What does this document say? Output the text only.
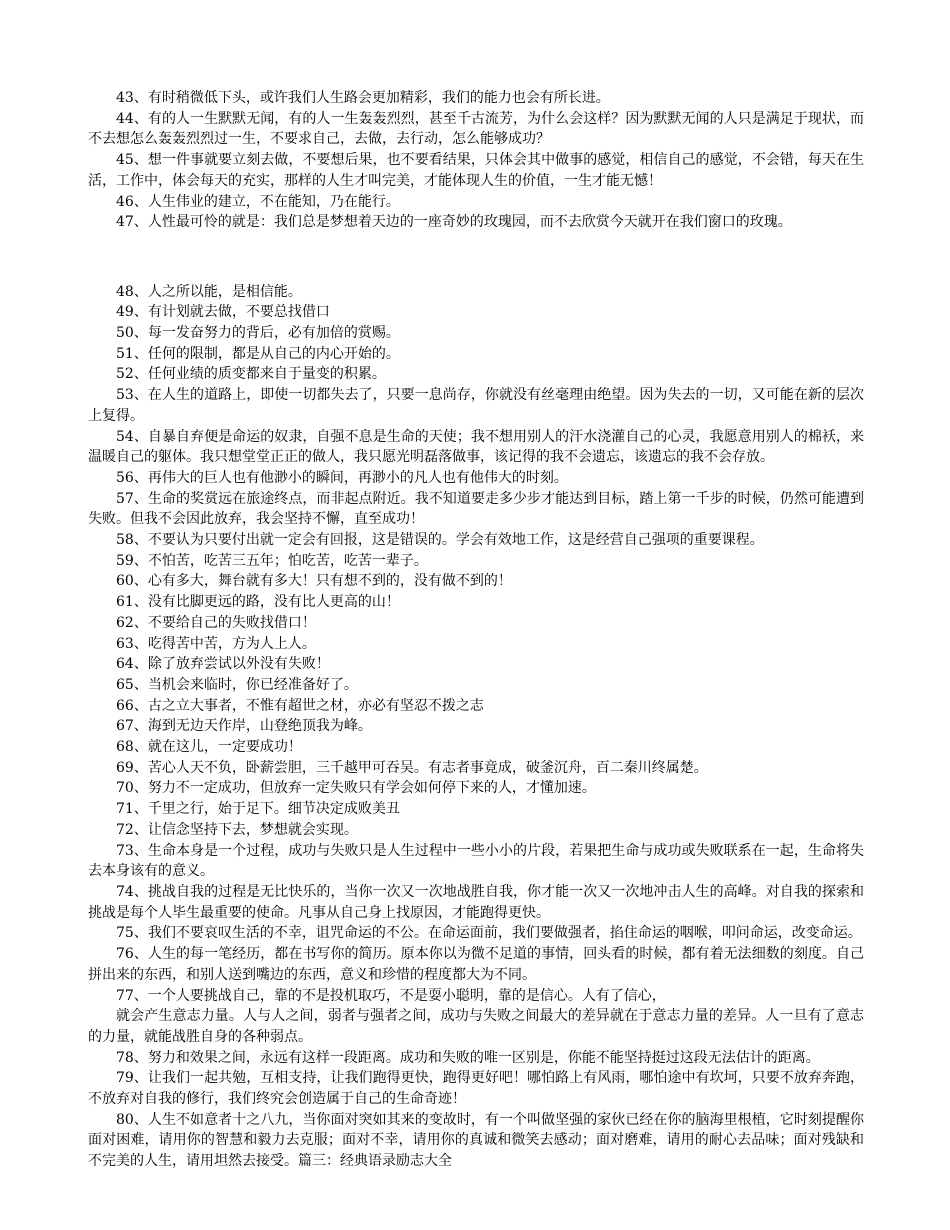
43、有时稍微低下头，或许我们人生路会更加精彩，我们的能力也会有所长进。

44、有的人一生默默无闻，有的人一生轰轰烈烈，甚至千古流芳，为什么会这样？因为默默无闻的人只是满足于现状，而不去想怎么轰轰烈烈过一生，不要求自己，去做，去行动，怎么能够成功？

45、想一件事就要立刻去做，不要想后果，也不要看结果，只体会其中做事的感觉，相信自己的感觉，不会错，每天在生活，工作中，体会每天的充实，那样的人生才叫完美，才能体现人生的价值，一生才能无憾！

46、人生伟业的建立，不在能知，乃在能行。

47、人性最可怜的就是：我们总是梦想着天边的一座奇妙的玫瑰园，而不去欣赏今天就开在我们窗口的玫瑰。

48、人之所以能，是相信能。

49、有计划就去做，不要总找借口

50、每一发奋努力的背后，必有加倍的赏赐。

51、任何的限制，都是从自己的内心开始的。

52、任何业绩的质变都来自于量变的积累。

53、在人生的道路上，即使一切都失去了，只要一息尚存，你就没有丝毫理由绝望。因为失去的一切，又可能在新的层次上复得。

54、自暴自弃便是命运的奴隶，自强不息是生命的天使；我不想用别人的汗水浇灌自己的心灵，我愿意用别人的棉袄，来温暖自己的躯体。我只想堂堂正正的做人，我只愿光明磊落做事，该记得的我不会遗忘，该遗忘的我不会存放。

56、再伟大的巨人也有他渺小的瞬间，再渺小的凡人也有他伟大的时刻。

57、生命的奖赏远在旅途终点，而非起点附近。我不知道要走多少步才能达到目标，踏上第一千步的时候，仍然可能遭到失败。但我不会因此放弃，我会坚持不懈，直至成功！

58、不要认为只要付出就一定会有回报，这是错误的。学会有效地工作，这是经营自己强项的重要课程。

59、不怕苦，吃苦三五年；怕吃苦，吃苦一辈子。

60、心有多大，舞台就有多大！只有想不到的，没有做不到的！

61、没有比脚更远的路，没有比人更高的山！

62、不要给自己的失败找借口！

63、吃得苦中苦，方为人上人。

64、除了放弃尝试以外没有失败！

65、当机会来临时，你已经准备好了。

66、古之立大事者，不惟有超世之材，亦必有坚忍不拨之志

67、海到无边天作岸，山登绝顶我为峰。

68、就在这儿，一定要成功！

69、苦心人天不负，卧薪尝胆，三千越甲可吞吴。有志者事竟成，破釜沉舟，百二秦川终属楚。

70、努力不一定成功，但放弃一定失败只有学会如何停下来的人，才懂加速。

71、千里之行，始于足下。细节决定成败美丑

72、让信念坚持下去，梦想就会实现。

73、生命本身是一个过程，成功与失败只是人生过程中一些小小的片段，若果把生命与成功或失败联系在一起，生命将失去本身该有的意义。

74、挑战自我的过程是无比快乐的，当你一次又一次地战胜自我，你才能一次又一次地冲击人生的高峰。对自我的探索和挑战是每个人毕生最重要的使命。凡事从自己身上找原因，才能跑得更快。

75、我们不要哀叹生活的不幸，诅咒命运的不公。在命运面前，我们要做强者，掐住命运的咽喉，叩问命运，改变命运。

76、人生的每一笔经历，都在书写你的简历。原本你以为微不足道的事情，回头看的时候，都有着无法细数的刻度。自己拼出来的东西，和别人送到嘴边的东西，意义和珍惜的程度都大为不同。

77、一个人要挑战自己，靠的不是投机取巧，不是耍小聪明，靠的是信心。人有了信心，

就会产生意志力量。人与人之间，弱者与强者之间，成功与失败之间最大的差异就在于意志力量的差异。人一旦有了意志的力量，就能战胜自身的各种弱点。

78、努力和效果之间，永远有这样一段距离。成功和失败的唯一区别是，你能不能坚持挺过这段无法估计的距离。

79、让我们一起共勉，互相支持，让我们跑得更快，跑得更好吧！哪怕路上有风雨，哪怕途中有坎坷，只要不放弃奔跑，不放弃对自我的修行，我们终究会创造属于自己的生命奇迹！

80、人生不如意者十之八九，当你面对突如其来的变故时，有一个叫做坚强的家伙已经在你的脑海里根植，它时刻提醒你面对困难，请用你的智慧和毅力去克服；面对不幸，请用你的真诚和微笑去感动；面对磨难，请用的耐心去品味；面对残缺和不完美的人生，请用坦然去接受。篇三：经典语录励志大全
